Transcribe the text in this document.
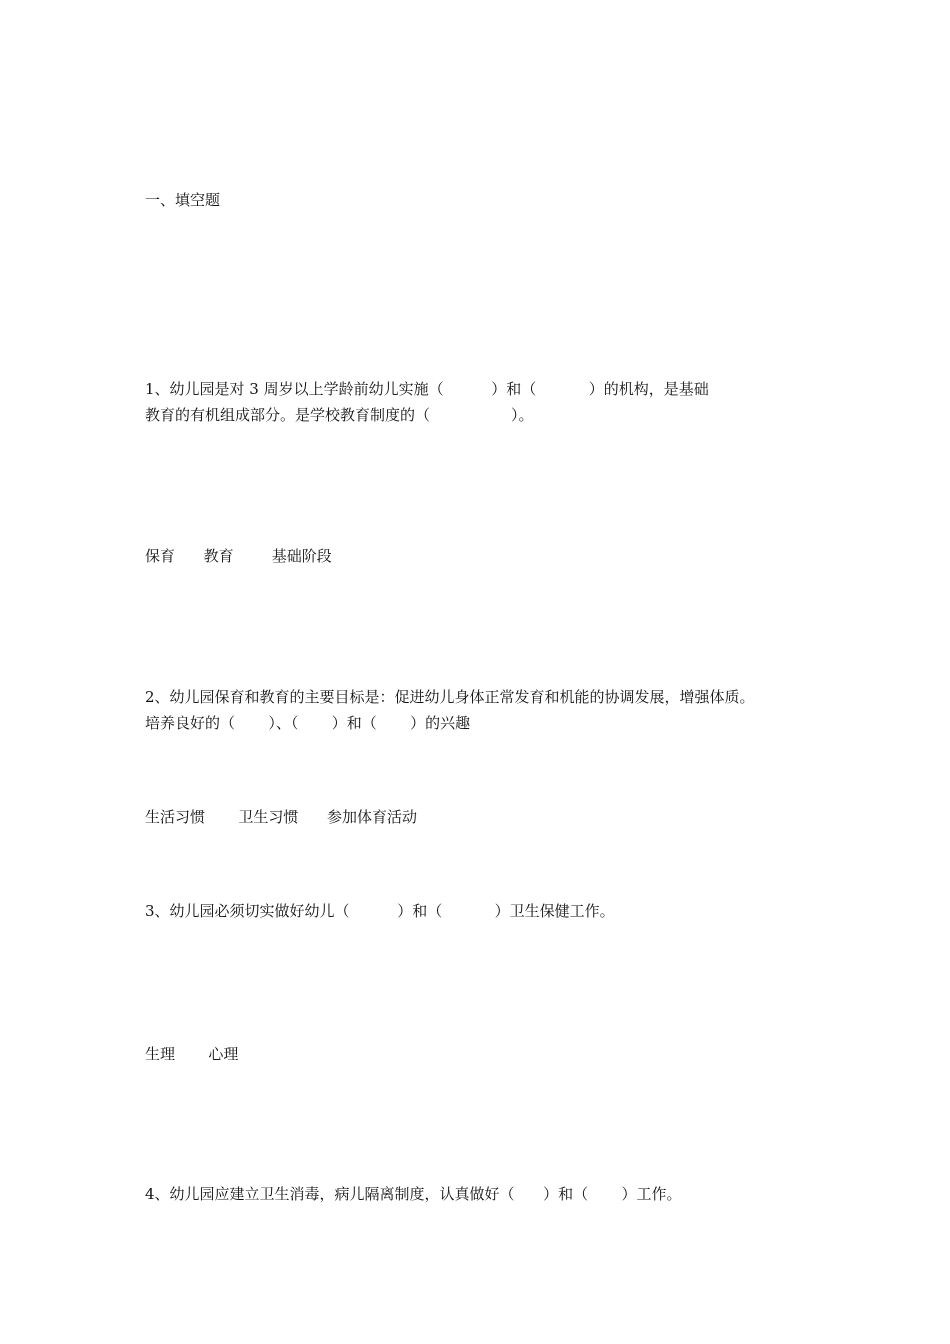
一、填空题
1、幼儿园是对 3 周岁以上学龄前幼儿实施（          ）和（           ）的机构，是基础
教育的有机组成部分。是学校教育制度的（                 ）。
保育      教育        基础阶段
2、幼儿园保育和教育的主要目标是：促进幼儿身体正常发育和机能的协调发展，增强体质。
培养良好的（       ）、（       ）和（       ）的兴趣
生活习惯       卫生习惯      参加体育活动
3、幼儿园必须切实做好幼儿（          ）和（           ）卫生保健工作。
生理       心理
4、幼儿园应建立卫生消毒，病儿隔离制度，认真做好（      ）和（       ）工作。
